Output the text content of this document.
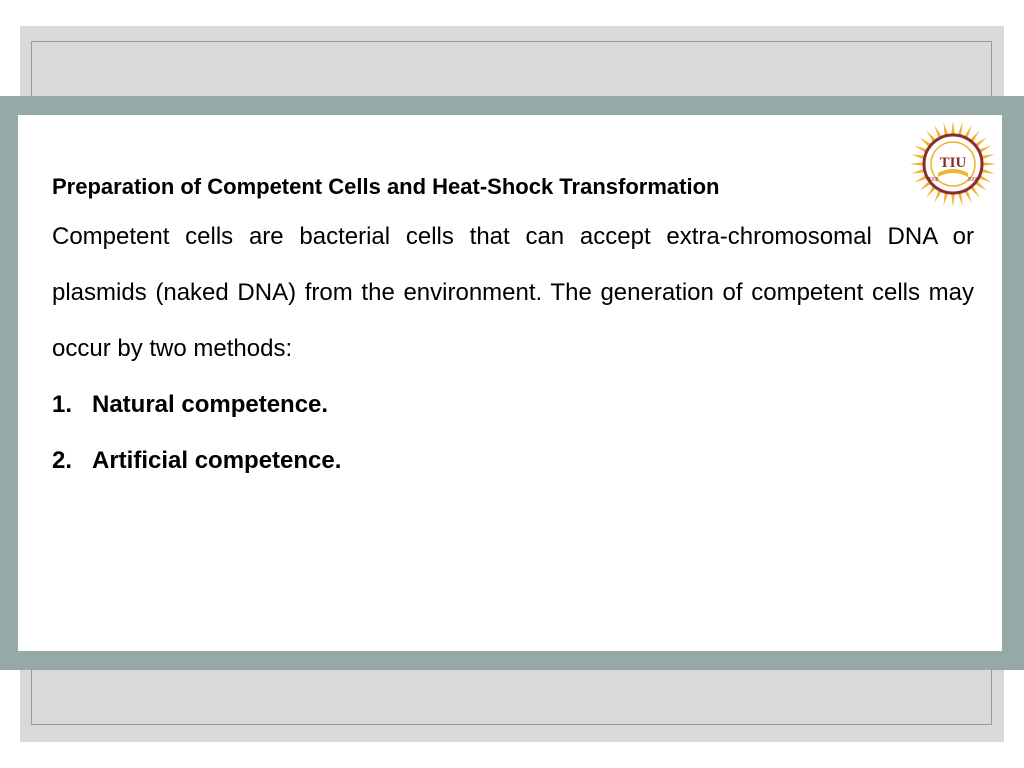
Preparation of Competent Cells and Heat-Shock Transformation

Competent cells are bacterial cells that can accept extra-chromosomal DNA or plasmids (naked DNA) from the environment. The generation of competent cells may occur by two methods:

1. Natural competence.
2. Artificial competence.
TIU
2008	2008
